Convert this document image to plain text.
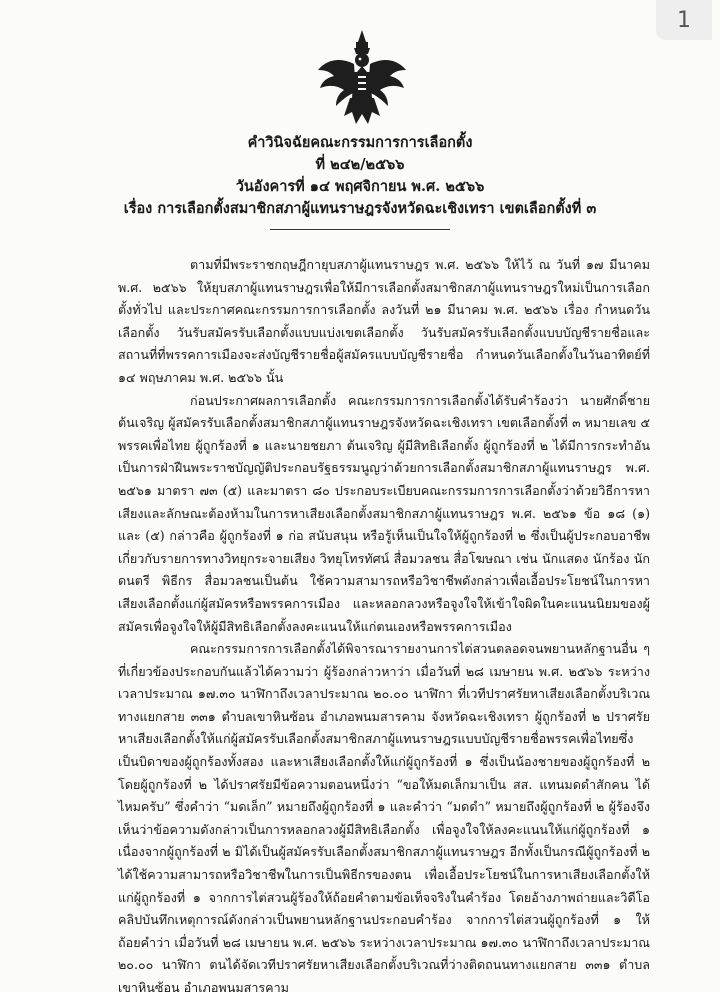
1
คำวินิจฉัยคณะกรรมการการเลือกตั้ง
ที่ ๒๔๒/๒๕๖๖
วันอังคารที่ ๑๔ พฤศจิกายน พ.ศ. ๒๕๖๖
เรื่อง การเลือกตั้งสมาชิกสภาผู้แทนราษฎรจังหวัดฉะเชิงเทรา เขตเลือกตั้งที่ ๓

ตามที่มีพระราชกฤษฎีกายุบสภาผู้แทนราษฎร พ.ศ. ๒๕๖๖ ให้ไว้ ณ วันที่ ๑๗ มีนาคม พ.ศ. ๒๕๖๖ ให้ยุบสภาผู้แทนราษฎรเพื่อให้มีการเลือกตั้งสมาชิกสภาผู้แทนราษฎรใหม่เป็นการเลือกตั้งทั่วไป และประกาศคณะกรรมการการเลือกตั้ง ลงวันที่ ๒๑ มีนาคม พ.ศ. ๒๕๖๖ เรื่อง กำหนดวันเลือกตั้ง วันรับสมัครรับเลือกตั้งแบบแบ่งเขตเลือกตั้ง วันรับสมัครรับเลือกตั้งแบบบัญชีรายชื่อและสถานที่ที่พรรคการเมืองจะส่งบัญชีรายชื่อผู้สมัครแบบบัญชีรายชื่อ กำหนดวันเลือกตั้งในวันอาทิตย์ที่ ๑๔ พฤษภาคม พ.ศ. ๒๕๖๖ นั้น

ก่อนประกาศผลการเลือกตั้ง คณะกรรมการการเลือกตั้งได้รับคำร้องว่า นายศักดิ์ชาย ต้นเจริญ ผู้สมัครรับเลือกตั้งสมาชิกสภาผู้แทนราษฎรจังหวัดฉะเชิงเทรา เขตเลือกตั้งที่ ๓ หมายเลข ๕ พรรคเพื่อไทย ผู้ถูกร้องที่ ๑ และนายชยภา ต้นเจริญ ผู้มีสิทธิเลือกตั้ง ผู้ถูกร้องที่ ๒ ได้มีการกระทำอันเป็นการฝ่าฝืนพระราชบัญญัติประกอบรัฐธรรมนูญว่าด้วยการเลือกตั้งสมาชิกสภาผู้แทนราษฎร พ.ศ. ๒๕๖๑ มาตรา ๗๓ (๕) และมาตรา ๘๐ ประกอบระเบียบคณะกรรมการการเลือกตั้งว่าด้วยวิธีการหาเสียงและลักษณะต้องห้ามในการหาเสียงเลือกตั้งสมาชิกสภาผู้แทนราษฎร พ.ศ. ๒๕๖๑ ข้อ ๑๘ (๑) และ (๕) กล่าวคือ ผู้ถูกร้องที่ ๑ ก่อ สนับสนุน หรือรู้เห็นเป็นใจให้ผู้ถูกร้องที่ ๒ ซึ่งเป็นผู้ประกอบอาชีพเกี่ยวกับรายการทางวิทยุกระจายเสียง วิทยุโทรทัศน์ สื่อมวลชน สื่อโฆษณา เช่น นักแสดง นักร้อง นักดนตรี พิธีกร สื่อมวลชนเป็นต้น ใช้ความสามารถหรือวิชาชีพดังกล่าวเพื่อเอื้อประโยชน์ในการหาเสียงเลือกตั้งแก่ผู้สมัครหรือพรรคการเมือง และหลอกลวงหรือจูงใจให้เข้าใจผิดในคะแนนนิยมของผู้สมัครเพื่อจูงใจให้ผู้มีสิทธิเลือกตั้งลงคะแนนให้แก่ตนเองหรือพรรคการเมือง

คณะกรรมการการเลือกตั้งได้พิจารณารายงานการไต่สวนตลอดจนพยานหลักฐานอื่น ๆ ที่เกี่ยวข้องประกอบกันแล้วได้ความว่า ผู้ร้องกล่าวหาว่า เมื่อวันที่ ๒๘ เมษายน พ.ศ. ๒๕๖๖ ระหว่างเวลาประมาณ ๑๗.๓๐ นาฬิกาถึงเวลาประมาณ ๒๐.๐๐ นาฬิกา ที่เวทีปราศรัยหาเสียงเลือกตั้งบริเวณทางแยกสาย ๓๓๑ ตำบลเขาหินซ้อน อำเภอพนมสารคาม จังหวัดฉะเชิงเทรา ผู้ถูกร้องที่ ๒ ปราศรัยหาเสียงเลือกตั้งให้แก่ผู้สมัครรับเลือกตั้งสมาชิกสภาผู้แทนราษฎรแบบบัญชีรายชื่อพรรคเพื่อไทยซึ่งเป็นบิดาของผู้ถูกร้องทั้งสอง และหาเสียงเลือกตั้งให้แก่ผู้ถูกร้องที่ ๑ ซึ่งเป็นน้องชายของผู้ถูกร้องที่ ๒ โดยผู้ถูกร้องที่ ๒ ได้ปราศรัยมีข้อความตอนหนึ่งว่า “ขอให้มดเล็กมาเป็น สส. แทนมดดำสักคน ได้ไหมครับ” ซึ่งคำว่า “มดเล็ก” หมายถึงผู้ถูกร้องที่ ๑ และคำว่า “มดดำ” หมายถึงผู้ถูกร้องที่ ๒ ผู้ร้องจึงเห็นว่าข้อความดังกล่าวเป็นการหลอกลวงผู้มีสิทธิเลือกตั้ง เพื่อจูงใจให้ลงคะแนนให้แก่ผู้ถูกร้องที่ ๑ เนื่องจากผู้ถูกร้องที่ ๒ มิได้เป็นผู้สมัครรับเลือกตั้งสมาชิกสภาผู้แทนราษฎร อีกทั้งเป็นกรณีผู้ถูกร้องที่ ๒ ได้ใช้ความสามารถหรือวิชาชีพในการเป็นพิธีกรของตน เพื่อเอื้อประโยชน์ในการหาเสียงเลือกตั้งให้แก่ผู้ถูกร้องที่ ๑ จากการไต่สวนผู้ร้องให้ถ้อยคำตามข้อเท็จจริงในคำร้อง โดยอ้างภาพถ่ายและวิดีโอคลิปบันทึกเหตุการณ์ดังกล่าวเป็นพยานหลักฐานประกอบคำร้อง จากการไต่สวนผู้ถูกร้องที่ ๑ ให้ถ้อยคำว่า เมื่อวันที่ ๒๘ เมษายน พ.ศ. ๒๕๖๖ ระหว่างเวลาประมาณ ๑๗.๓๐ นาฬิกาถึงเวลาประมาณ ๒๐.๐๐ นาฬิกา ตนได้จัดเวทีปราศรัยหาเสียงเลือกตั้งบริเวณที่ว่างติดถนนทางแยกสาย ๓๓๑ ตำบลเขาหินซ้อน อำเภอพนมสารคาม
